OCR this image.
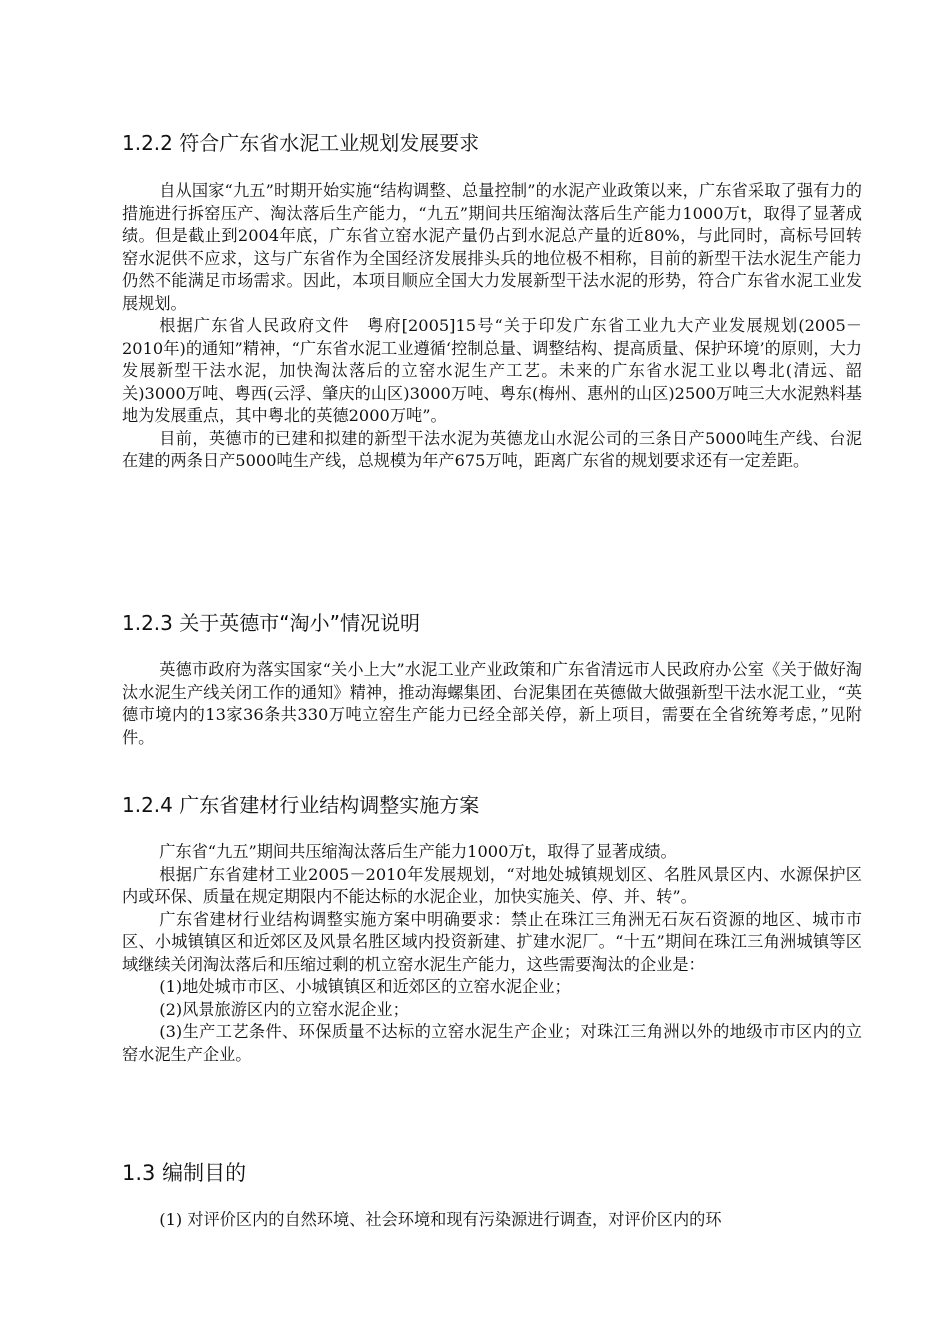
1.2.2 符合广东省水泥工业规划发展要求

自从国家“九五”时期开始实施“结构调整、总量控制”的水泥产业政策以来，广东省采取了强有力的措施进行拆窑压产、淘汰落后生产能力，“九五”期间共压缩淘汰落后生产能力1000万t，取得了显著成绩。但是截止到2004年底，广东省立窑水泥产量仍占到水泥总产量的近80%，与此同时，高标号回转窑水泥供不应求，这与广东省作为全国经济发展排头兵的地位极不相称，目前的新型干法水泥生产能力仍然不能满足市场需求。因此，本项目顺应全国大力发展新型干法水泥的形势，符合广东省水泥工业发展规划。

根据广东省人民政府文件　粤府[2005]15号“关于印发广东省工业九大产业发展规划(2005－2010年)的通知”精神，“广东省水泥工业遵循‘控制总量、调整结构、提高质量、保护环境’的原则，大力发展新型干法水泥，加快淘汰落后的立窑水泥生产工艺。未来的广东省水泥工业以粤北(清远、韶关)3000万吨、粤西(云浮、肇庆的山区)3000万吨、粤东(梅州、惠州的山区)2500万吨三大水泥熟料基地为发展重点，其中粤北的英德2000万吨”。

目前，英德市的已建和拟建的新型干法水泥为英德龙山水泥公司的三条日产5000吨生产线、台泥在建的两条日产5000吨生产线，总规模为年产675万吨，距离广东省的规划要求还有一定差距。

1.2.3 关于英德市“淘小”情况说明

英德市政府为落实国家“关小上大”水泥工业产业政策和广东省清远市人民政府办公室《关于做好淘汰水泥生产线关闭工作的通知》精神，推动海螺集团、台泥集团在英德做大做强新型干法水泥工业，“英德市境内的13家36条共330万吨立窑生产能力已经全部关停，新上项目，需要在全省统筹考虑，”见附件。

1.2.4 广东省建材行业结构调整实施方案

广东省“九五”期间共压缩淘汰落后生产能力1000万t，取得了显著成绩。

根据广东省建材工业2005－2010年发展规划，“对地处城镇规划区、名胜风景区内、水源保护区内或环保、质量在规定期限内不能达标的水泥企业，加快实施关、停、并、转”。

广东省建材行业结构调整实施方案中明确要求：禁止在珠江三角洲无石灰石资源的地区、城市市区、小城镇镇区和近郊区及风景名胜区域内投资新建、扩建水泥厂。“十五”期间在珠江三角洲城镇等区域继续关闭淘汰落后和压缩过剩的机立窑水泥生产能力，这些需要淘汰的企业是：

(1)地处城市市区、小城镇镇区和近郊区的立窑水泥企业；

(2)风景旅游区内的立窑水泥企业；

(3)生产工艺条件、环保质量不达标的立窑水泥生产企业；对珠江三角洲以外的地级市市区内的立窑水泥生产企业。

1.3 编制目的

(1) 对评价区内的自然环境、社会环境和现有污染源进行调查，对评价区内的环
